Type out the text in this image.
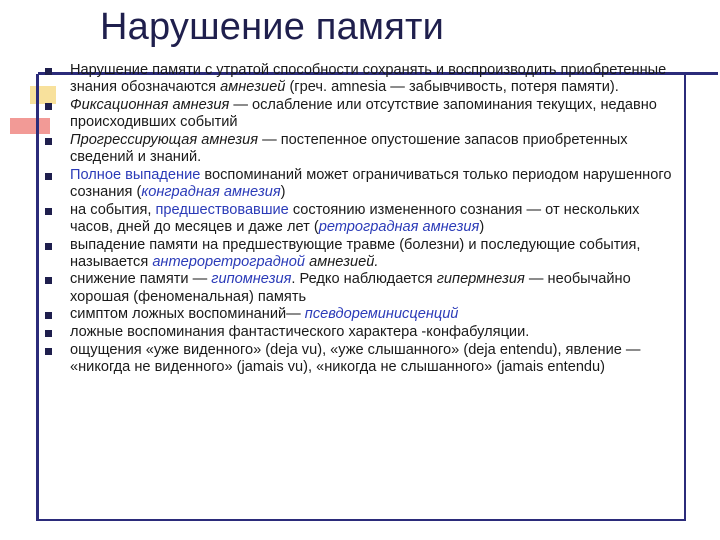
Нарушение памяти
Нарушение памяти с утратой способности сохранять и воспроизводить приобретенные знания обозначаются амнезией (греч. amnesia — забывчивость, потеря памяти).
Фиксационная амнезия — ослабление или отсутствие запоминания текущих, недавно происходивших событий
Прогрессирующая амнезия — постепенное опустошение запасов приобретенных сведений и знаний.
Полное выпадение воспоминаний может ограничиваться только периодом нарушенного сознания (конградная амнезия)
на события, предшествовавшие состоянию измененного сознания — от нескольких часов, дней до месяцев и даже лет (ретроградная амнезия)
выпадение памяти на предшествующие травме (болезни) и последующие события, называется антероретроградной амнезией.
снижение памяти — гипомнезия. Редко наблюдается гипермнезия — необычайно хорошая (феноменальная) память
симптом ложных воспоминаний— псевдореминисценций
ложные воспоминания фантастического характера -конфабуляции.
ощущения «уже виденного» (deja vu), «уже слышанного» (deja entendu), явление — «никогда не виденного» (jamais vu), «никогда не слышанного» (jamais entendu)
